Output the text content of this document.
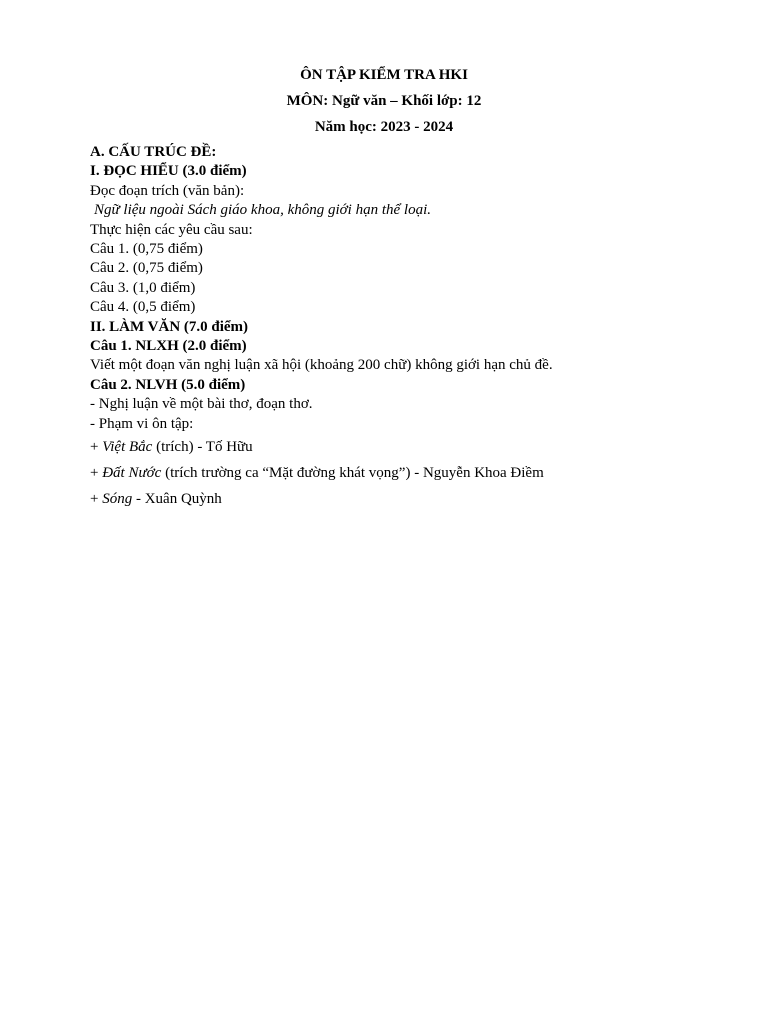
ÔN TẬP KIỂM TRA HKI
MÔN: Ngữ văn – Khối lớp: 12
Năm học: 2023 - 2024
A. CẤU TRÚC ĐỀ:
I. ĐỌC HIỂU (3.0 điểm)
Đọc đoạn trích (văn bản):
Ngữ liệu ngoài Sách giáo khoa, không giới hạn thể loại.
Thực hiện các yêu cầu sau:
Câu 1. (0,75 điểm)
Câu 2. (0,75 điểm)
Câu 3. (1,0 điểm)
Câu 4. (0,5 điểm)
II. LÀM VĂN (7.0 điểm)
Câu 1. NLXH (2.0 điểm)
Viết một đoạn văn nghị luận xã hội (khoảng 200 chữ) không giới hạn chủ đề.
Câu 2. NLVH (5.0 điểm)
- Nghị luận về một bài thơ, đoạn thơ.
- Phạm vi ôn tập:
+ Việt Bắc (trích) - Tố Hữu
+ Đất Nước (trích trường ca “Mặt đường khát vọng”) - Nguyễn Khoa Điềm
+ Sóng - Xuân Quỳnh
